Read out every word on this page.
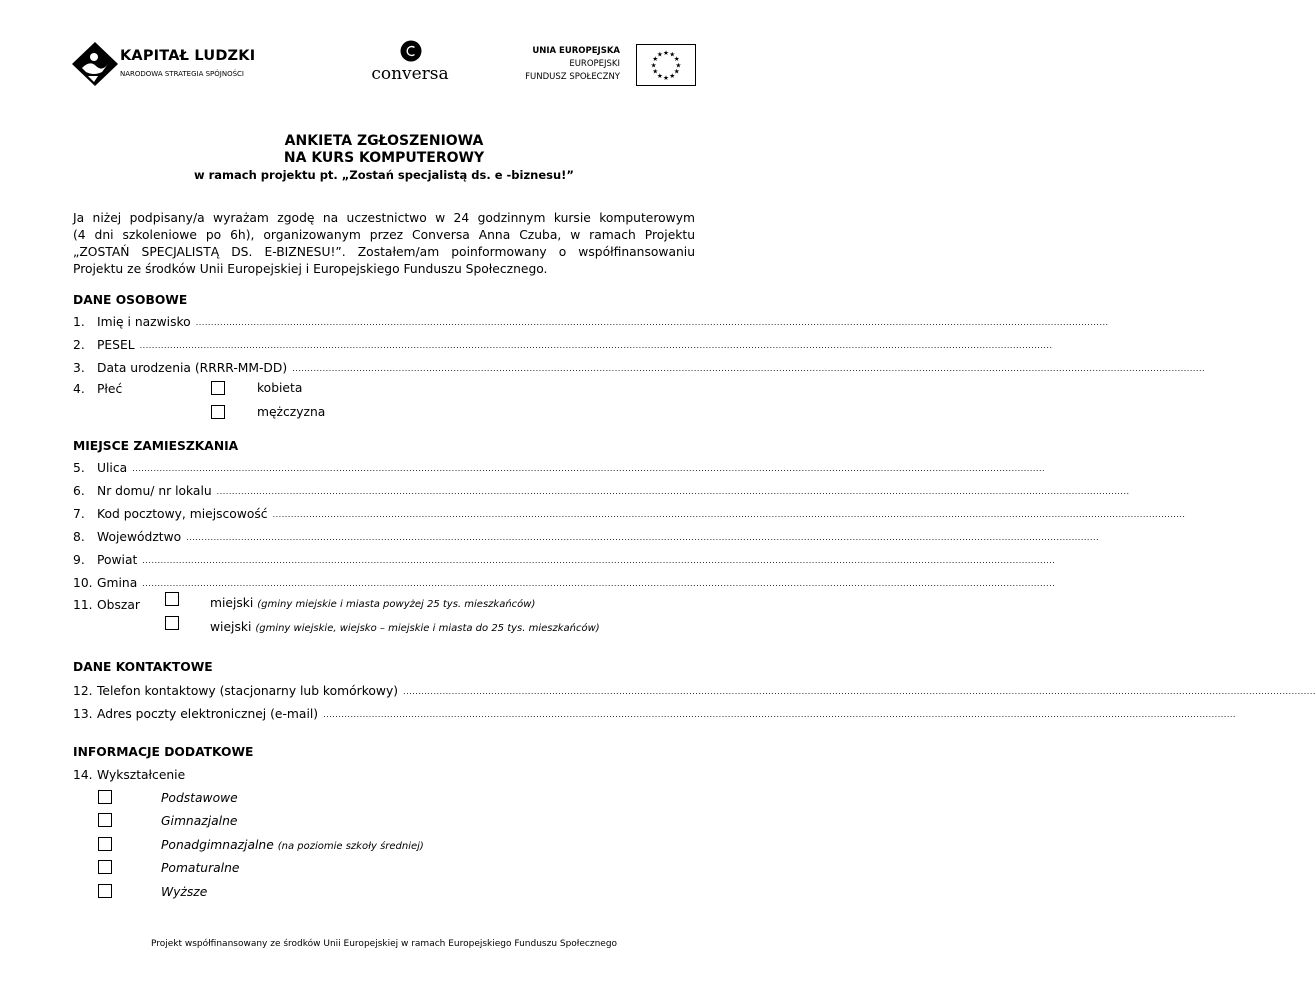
KAPITAŁ LUDZKI
NARODOWA STRATEGIA SPÓJNOŚCI	conversa
UNIA EUROPEJSKA
EUROPEJSKI
FUNDUSZ SPOŁECZNY
★
★
★
★
★
★
★
★
★ ★ ★
★
ANKIETA ZGŁOSZENIOWA
NA KURS KOMPUTEROWY
w ramach projektu pt. „Zostań specjalistą ds. e -biznesu!”
Ja niżej podpisany/a wyrażam zgodę na uczestnictwo w 24 godzinnym kursie komputerowym
(4 dni szkoleniowe po 6h), organizowanym przez Conversa Anna Czuba, w ramach Projektu
„ZOSTAŃ SPECJALISTĄ DS. E-BIZNESU!”. Zostałem/am poinformowany o współfinansowaniu
Projektu ze środków Unii Europejskiej i Europejskiego Funduszu Społecznego.
DANE OSOBOWE
1. Imię i nazwisko ............................................................................................................................................................................................................................................................................................................
2. PESEL ............................................................................................................................................................................................................................................................................................................
3. Data urodzenia (RRRR-MM-DD) ............................................................................................................................................................................................................................................................................................................
4. Płeć	kobieta
mężczyzna
MIEJSCE ZAMIESZKANIA
5. Ulica ............................................................................................................................................................................................................................................................................................................
6. Nr domu/ nr lokalu ............................................................................................................................................................................................................................................................................................................
7. Kod pocztowy, miejscowość ............................................................................................................................................................................................................................................................................................................
8. Województwo ............................................................................................................................................................................................................................................................................................................
9. Powiat ............................................................................................................................................................................................................................................................................................................
10. Gmina ............................................................................................................................................................................................................................................................................................................
11. Obszar	miejski (gminy miejskie i miasta powyżej 25 tys. mieszkańców)
wiejski (gminy wiejskie, wiejsko – miejskie i miasta do 25 tys. mieszkańców)
DANE KONTAKTOWE
12. Telefon kontaktowy (stacjonarny lub komórkowy) ............................................................................................................................................................................................................................................................................................................
13. Adres poczty elektronicznej (e-mail) ............................................................................................................................................................................................................................................................................................................
INFORMACJE DODATKOWE
14. Wykształcenie
Podstawowe
Gimnazjalne
Ponadgimnazjalne (na poziomie szkoły średniej)
Pomaturalne
Wyższe
Projekt współfinansowany ze środków Unii Europejskiej w ramach Europejskiego Funduszu Społecznego
